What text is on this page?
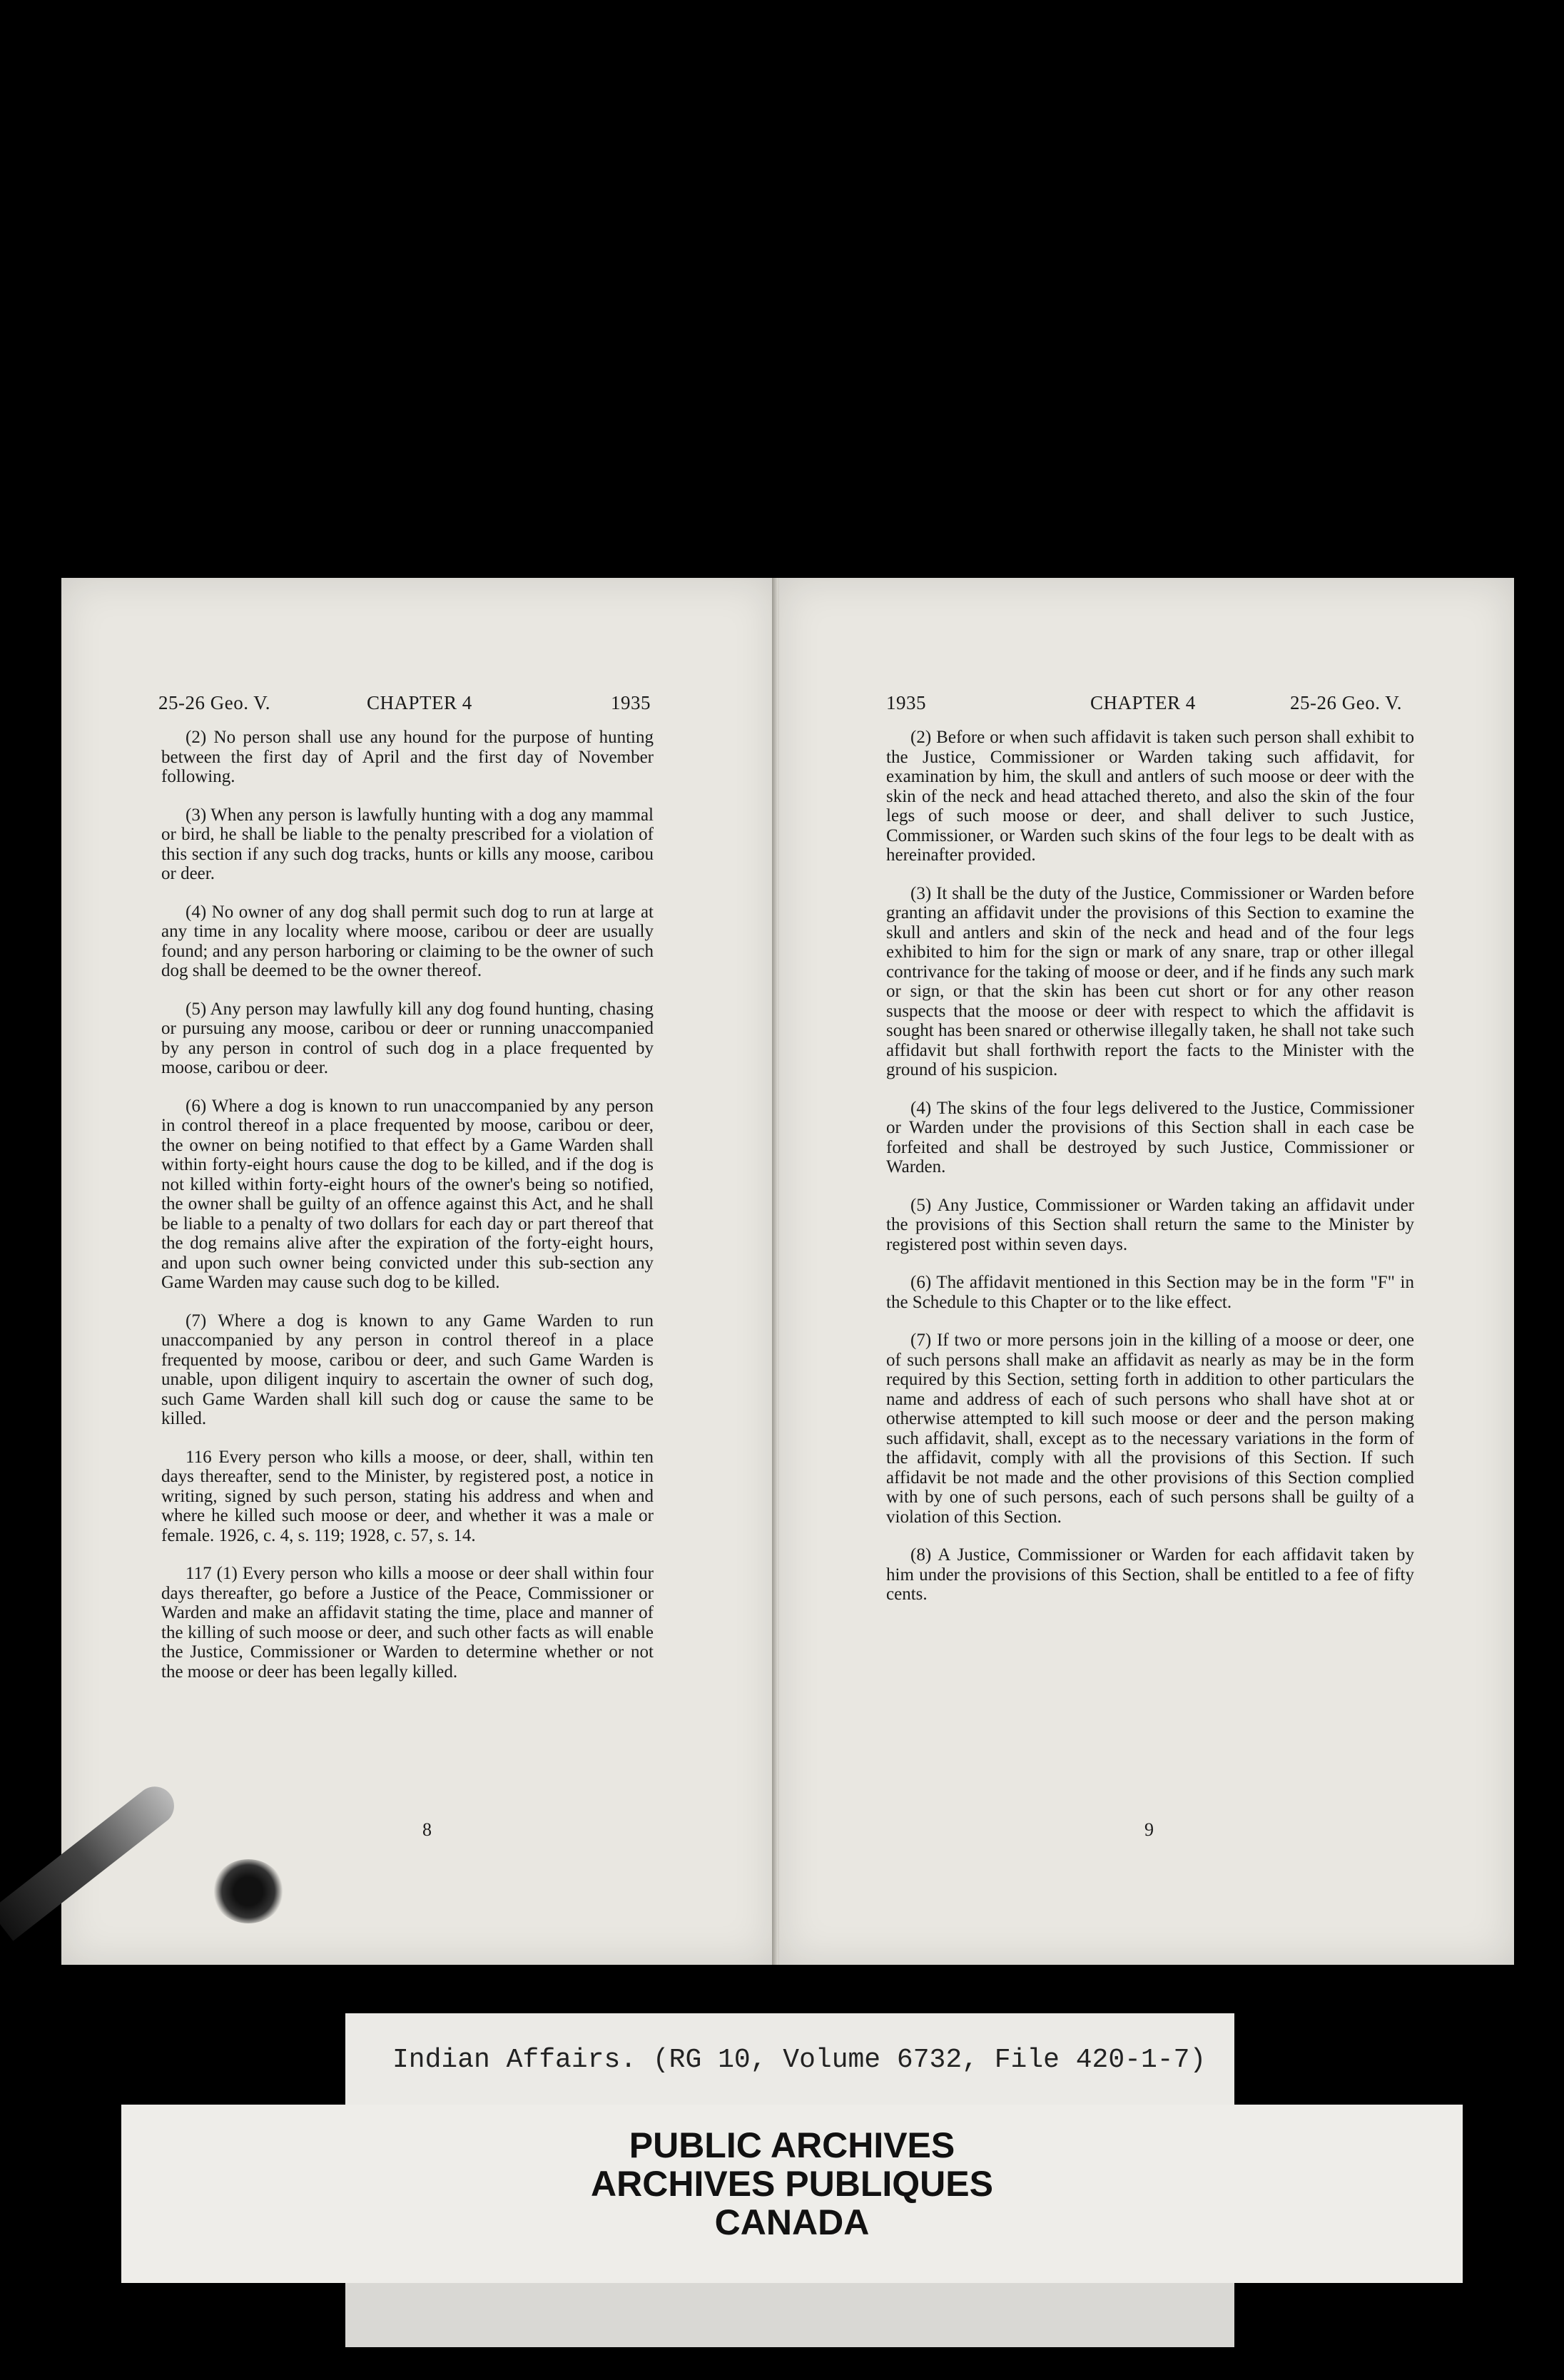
25-26 Geo. V.	CHAPTER 4	1935

(2) No person shall use any hound for the purpose of hunting between the first day of April and the first day of November following.

(3) When any person is lawfully hunting with a dog any mammal or bird, he shall be liable to the penalty prescribed for a violation of this section if any such dog tracks, hunts or kills any moose, caribou or deer.

(4) No owner of any dog shall permit such dog to run at large at any time in any locality where moose, caribou or deer are usually found; and any person harboring or claiming to be the owner of such dog shall be deemed to be the owner thereof.

(5) Any person may lawfully kill any dog found hunting, chasing or pursuing any moose, caribou or deer or running unaccompanied by any person in control of such dog in a place frequented by moose, caribou or deer.

(6) Where a dog is known to run unaccompanied by any person in control thereof in a place frequented by moose, caribou or deer, the owner on being notified to that effect by a Game Warden shall within forty-eight hours cause the dog to be killed, and if the dog is not killed within forty-eight hours of the owner's being so notified, the owner shall be guilty of an offence against this Act, and he shall be liable to a penalty of two dollars for each day or part thereof that the dog remains alive after the expiration of the forty-eight hours, and upon such owner being convicted under this sub-section any Game Warden may cause such dog to be killed.

(7) Where a dog is known to any Game Warden to run unaccompanied by any person in control thereof in a place frequented by moose, caribou or deer, and such Game Warden is unable, upon diligent inquiry to ascertain the owner of such dog, such Game Warden shall kill such dog or cause the same to be killed.

116 Every person who kills a moose, or deer, shall, within ten days thereafter, send to the Minister, by registered post, a notice in writing, signed by such person, stating his address and when and where he killed such moose or deer, and whether it was a male or female. 1926, c. 4, s. 119; 1928, c. 57, s. 14.

117 (1) Every person who kills a moose or deer shall within four days thereafter, go before a Justice of the Peace, Commissioner or Warden and make an affidavit stating the time, place and manner of the killing of such moose or deer, and such other facts as will enable the Justice, Commissioner or Warden to determine whether or not the moose or deer has been legally killed.

8
1935	CHAPTER 4	25-26 Geo. V.

(2) Before or when such affidavit is taken such person shall exhibit to the Justice, Commissioner or Warden taking such affidavit, for examination by him, the skull and antlers of such moose or deer with the skin of the neck and head attached thereto, and also the skin of the four legs of such moose or deer, and shall deliver to such Justice, Commissioner, or Warden such skins of the four legs to be dealt with as hereinafter provided.

(3) It shall be the duty of the Justice, Commissioner or Warden before granting an affidavit under the provisions of this Section to examine the skull and antlers and skin of the neck and head and of the four legs exhibited to him for the sign or mark of any snare, trap or other illegal contrivance for the taking of moose or deer, and if he finds any such mark or sign, or that the skin has been cut short or for any other reason suspects that the moose or deer with respect to which the affidavit is sought has been snared or otherwise illegally taken, he shall not take such affidavit but shall forthwith report the facts to the Minister with the ground of his suspicion.

(4) The skins of the four legs delivered to the Justice, Commissioner or Warden under the provisions of this Section shall in each case be forfeited and shall be destroyed by such Justice, Commissioner or Warden.

(5) Any Justice, Commissioner or Warden taking an affidavit under the provisions of this Section shall return the same to the Minister by registered post within seven days.

(6) The affidavit mentioned in this Section may be in the form "F" in the Schedule to this Chapter or to the like effect.

(7) If two or more persons join in the killing of a moose or deer, one of such persons shall make an affidavit as nearly as may be in the form required by this Section, setting forth in addition to other particulars the name and address of each of such persons who shall have shot at or otherwise attempted to kill such moose or deer and the person making such affidavit, shall, except as to the necessary variations in the form of the affidavit, comply with all the provisions of this Section. If such affidavit be not made and the other provisions of this Section complied with by one of such persons, each of such persons shall be guilty of a violation of this Section.

(8) A Justice, Commissioner or Warden for each affidavit taken by him under the provisions of this Section, shall be entitled to a fee of fifty cents.

9
Indian Affairs. (RG 10, Volume 6732, File 420-1-7)
PUBLIC ARCHIVES
ARCHIVES PUBLIQUES
CANADA
